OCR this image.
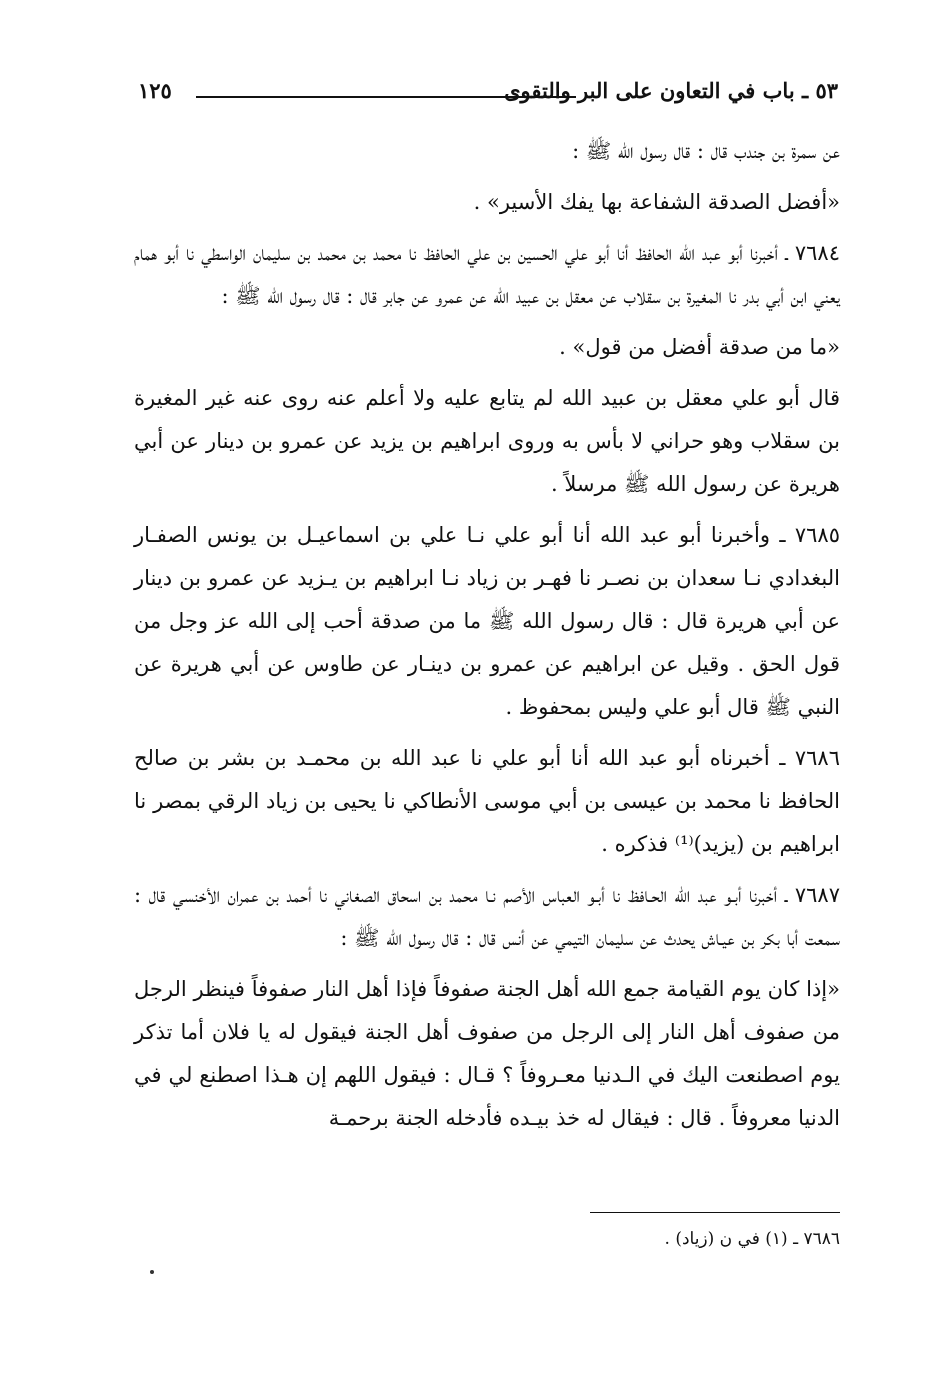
٥٣ ـ باب في التعاون على البر والتقوى
١٢٥

عن سمرة بن جندب قال : قال رسول الله ﷺ :

«أفضل الصدقة الشفاعة بها يفك الأسير» .

٧٦٨٤ ـ أخبرنا أبو عبد الله الحافظ أنا أبو علي الحسين بن علي الحافظ نا محمد بن محمد بن سليمان الواسطي نا أبو همام يعني ابن أبي بدر نا المغيرة بن سقلاب عن معقل بن عبيد الله عن عمرو عن جابر قال : قال رسول الله ﷺ :

«ما من صدقة أفضل من قول» .

قال أبو علي معقل بن عبيد الله لم يتابع عليه ولا أعلم عنه روى عنه غير المغيرة بن سقلاب وهو حراني لا بأس به وروى ابراهيم بن يزيد عن عمرو بن دينار عن أبي هريرة عن رسول الله ﷺ مرسلاً .

٧٦٨٥ ـ وأخبرنا أبو عبد الله أنا أبو علي نـا علي بن اسماعيـل بن يونس الصفـار البغدادي نـا سعدان بن نصـر نا فهـر بن زياد نـا ابراهيم بن يـزيد عن عمرو بن دينار عن أبي هريرة قال : قال رسول الله ﷺ ما من صدقة أحب إلى الله عز وجل من قول الحق . وقيل عن ابراهيم عن عمرو بن دينـار عن طاوس عن أبي هريرة عن النبي ﷺ قال أبو علي وليس بمحفوظ .

٧٦٨٦ ـ أخبرناه أبو عبد الله أنا أبو علي نا عبد الله بن محمـد بن بشر بن صالح الحافظ نا محمد بن عيسى بن أبي موسى الأنطاكي نا يحيى بن زياد الرقي بمصر نا ابراهيم بن (يزيد)⁽¹⁾ فذكره .

٧٦٨٧ ـ أخبرنا أبـو عبد الله الحـافظ نا أبـو العباس الأصم نـا محمد بن اسحاق الصغاني نا أحمد بن عمران الأخنسي قال : سمعت أبا بكر بن عيـاش يحدث عن سليمان التيمي عن أنس قال : قال رسول الله ﷺ :

«إذا كان يوم القيامة جمع الله أهل الجنة صفوفاً فإذا أهل النار صفوفاً فينظر الرجل من صفوف أهل النار إلى الرجل من صفوف أهل الجنة فيقول له يا فلان أما تذكر يوم اصطنعت اليك في الـدنيا معـروفاً ؟ قـال : فيقول اللهم إن هـذا اصطنع لي في الدنيا معروفاً . قال : فيقال له خذ بيـده فأدخله الجنة برحمـة

٧٦٨٦ ـ (١) في ن (زياد) .
